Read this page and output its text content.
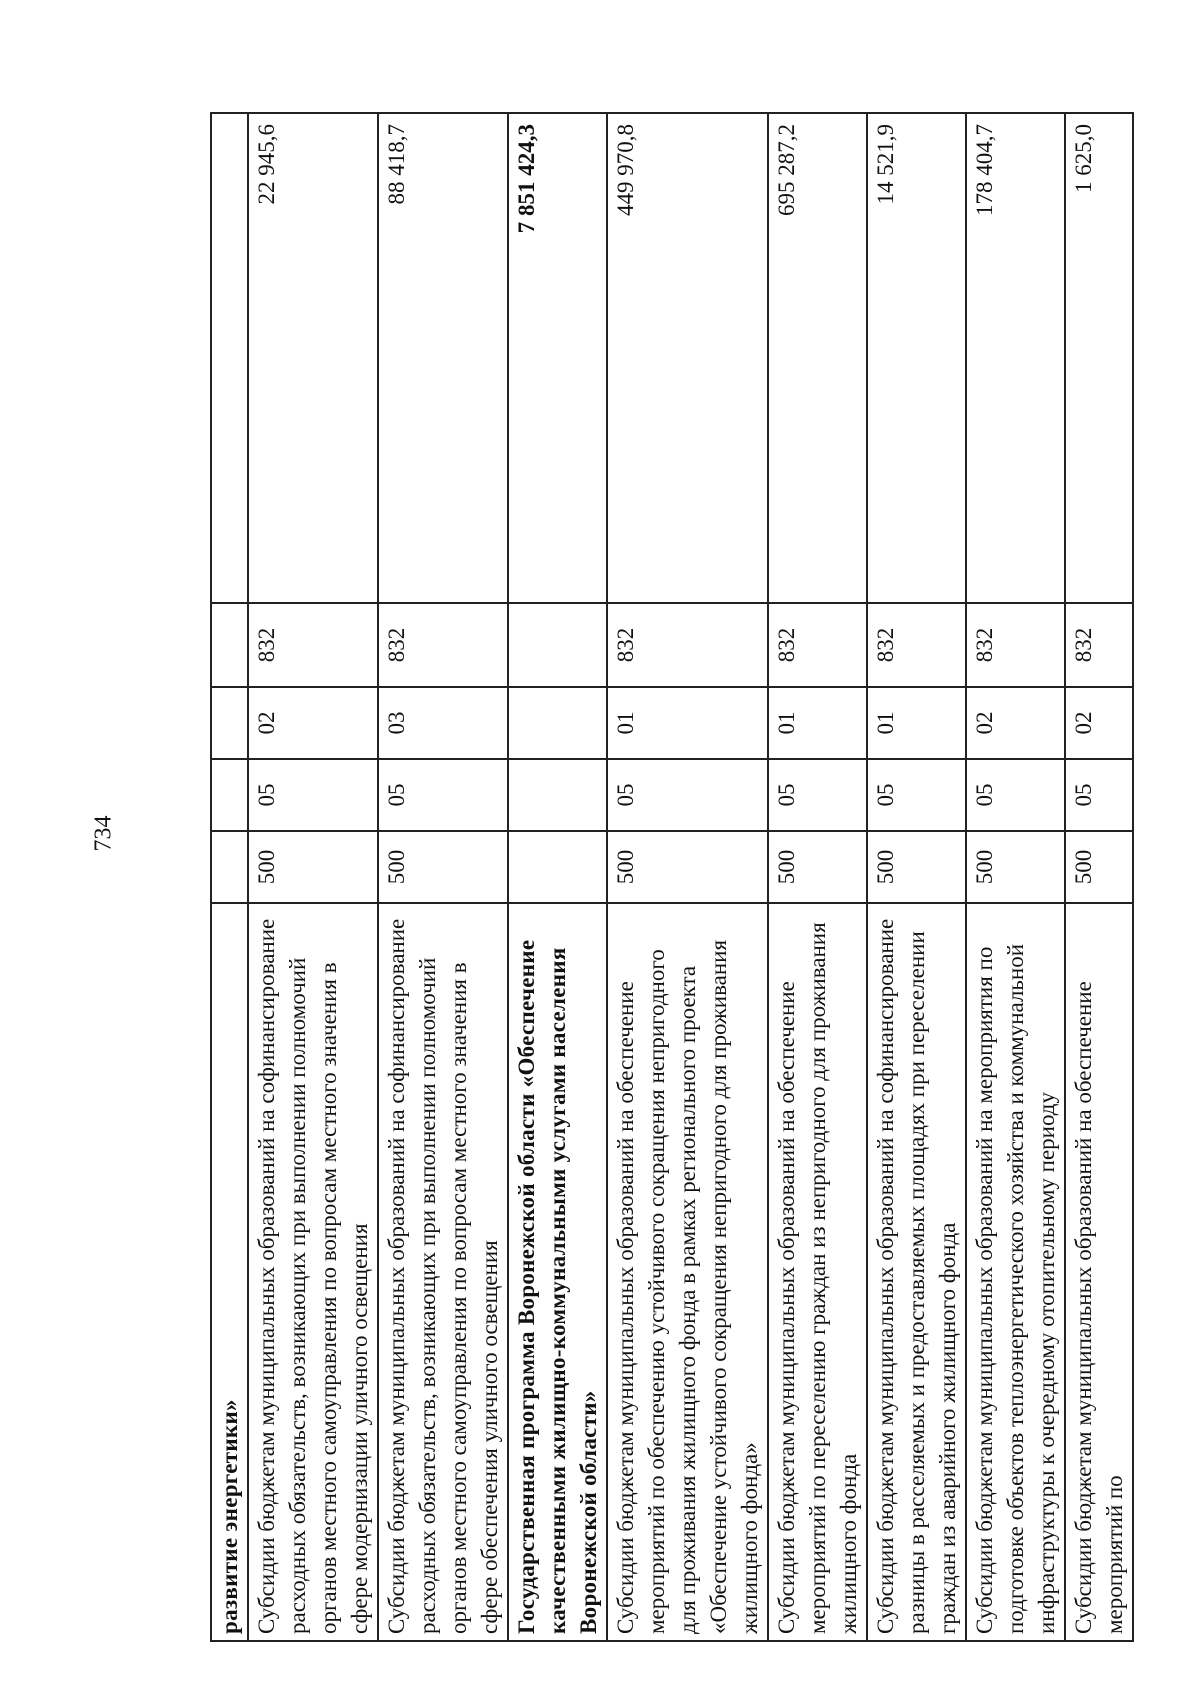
734
развитие энергетики»					
Субсидии бюджетам муниципальных образований на софинансирование расходных обязательств, возникающих при выполнении полномочий органов местного самоуправления по вопросам местного значения в сфере модернизации уличного освещения	500	05	02	832	22 945,6
Субсидии бюджетам муниципальных образований на софинансирование расходных обязательств, возникающих при выполнении полномочий органов местного самоуправления по вопросам местного значения в сфере обеспечения уличного освещения	500	05	03	832	88 418,7
Государственная программа Воронежской области «Обеспечение качественными жилищно-коммунальными услугами населения Воронежской области»					7 851 424,3
Субсидии бюджетам муниципальных образований на обеспечение мероприятий по обеспечению устойчивого сокращения непригодного для проживания жилищного фонда в рамках регионального проекта «Обеспечение устойчивого сокращения непригодного для проживания жилищного фонда»	500	05	01	832	449 970,8
Субсидии бюджетам муниципальных образований на обеспечение мероприятий по переселению граждан из непригодного для проживания жилищного фонда	500	05	01	832	695 287,2
Субсидии бюджетам муниципальных образований на софинансирование разницы в расселяемых и предоставляемых площадях при переселении граждан из аварийного жилищного фонда	500	05	01	832	14 521,9
Субсидии бюджетам муниципальных образований на мероприятия по подготовке объектов теплоэнергетического хозяйства и коммунальной инфраструктуры к очередному отопительному периоду	500	05	02	832	178 404,7
Субсидии бюджетам муниципальных образований на обеспечение мероприятий по	500	05	02	832	1 625,0
